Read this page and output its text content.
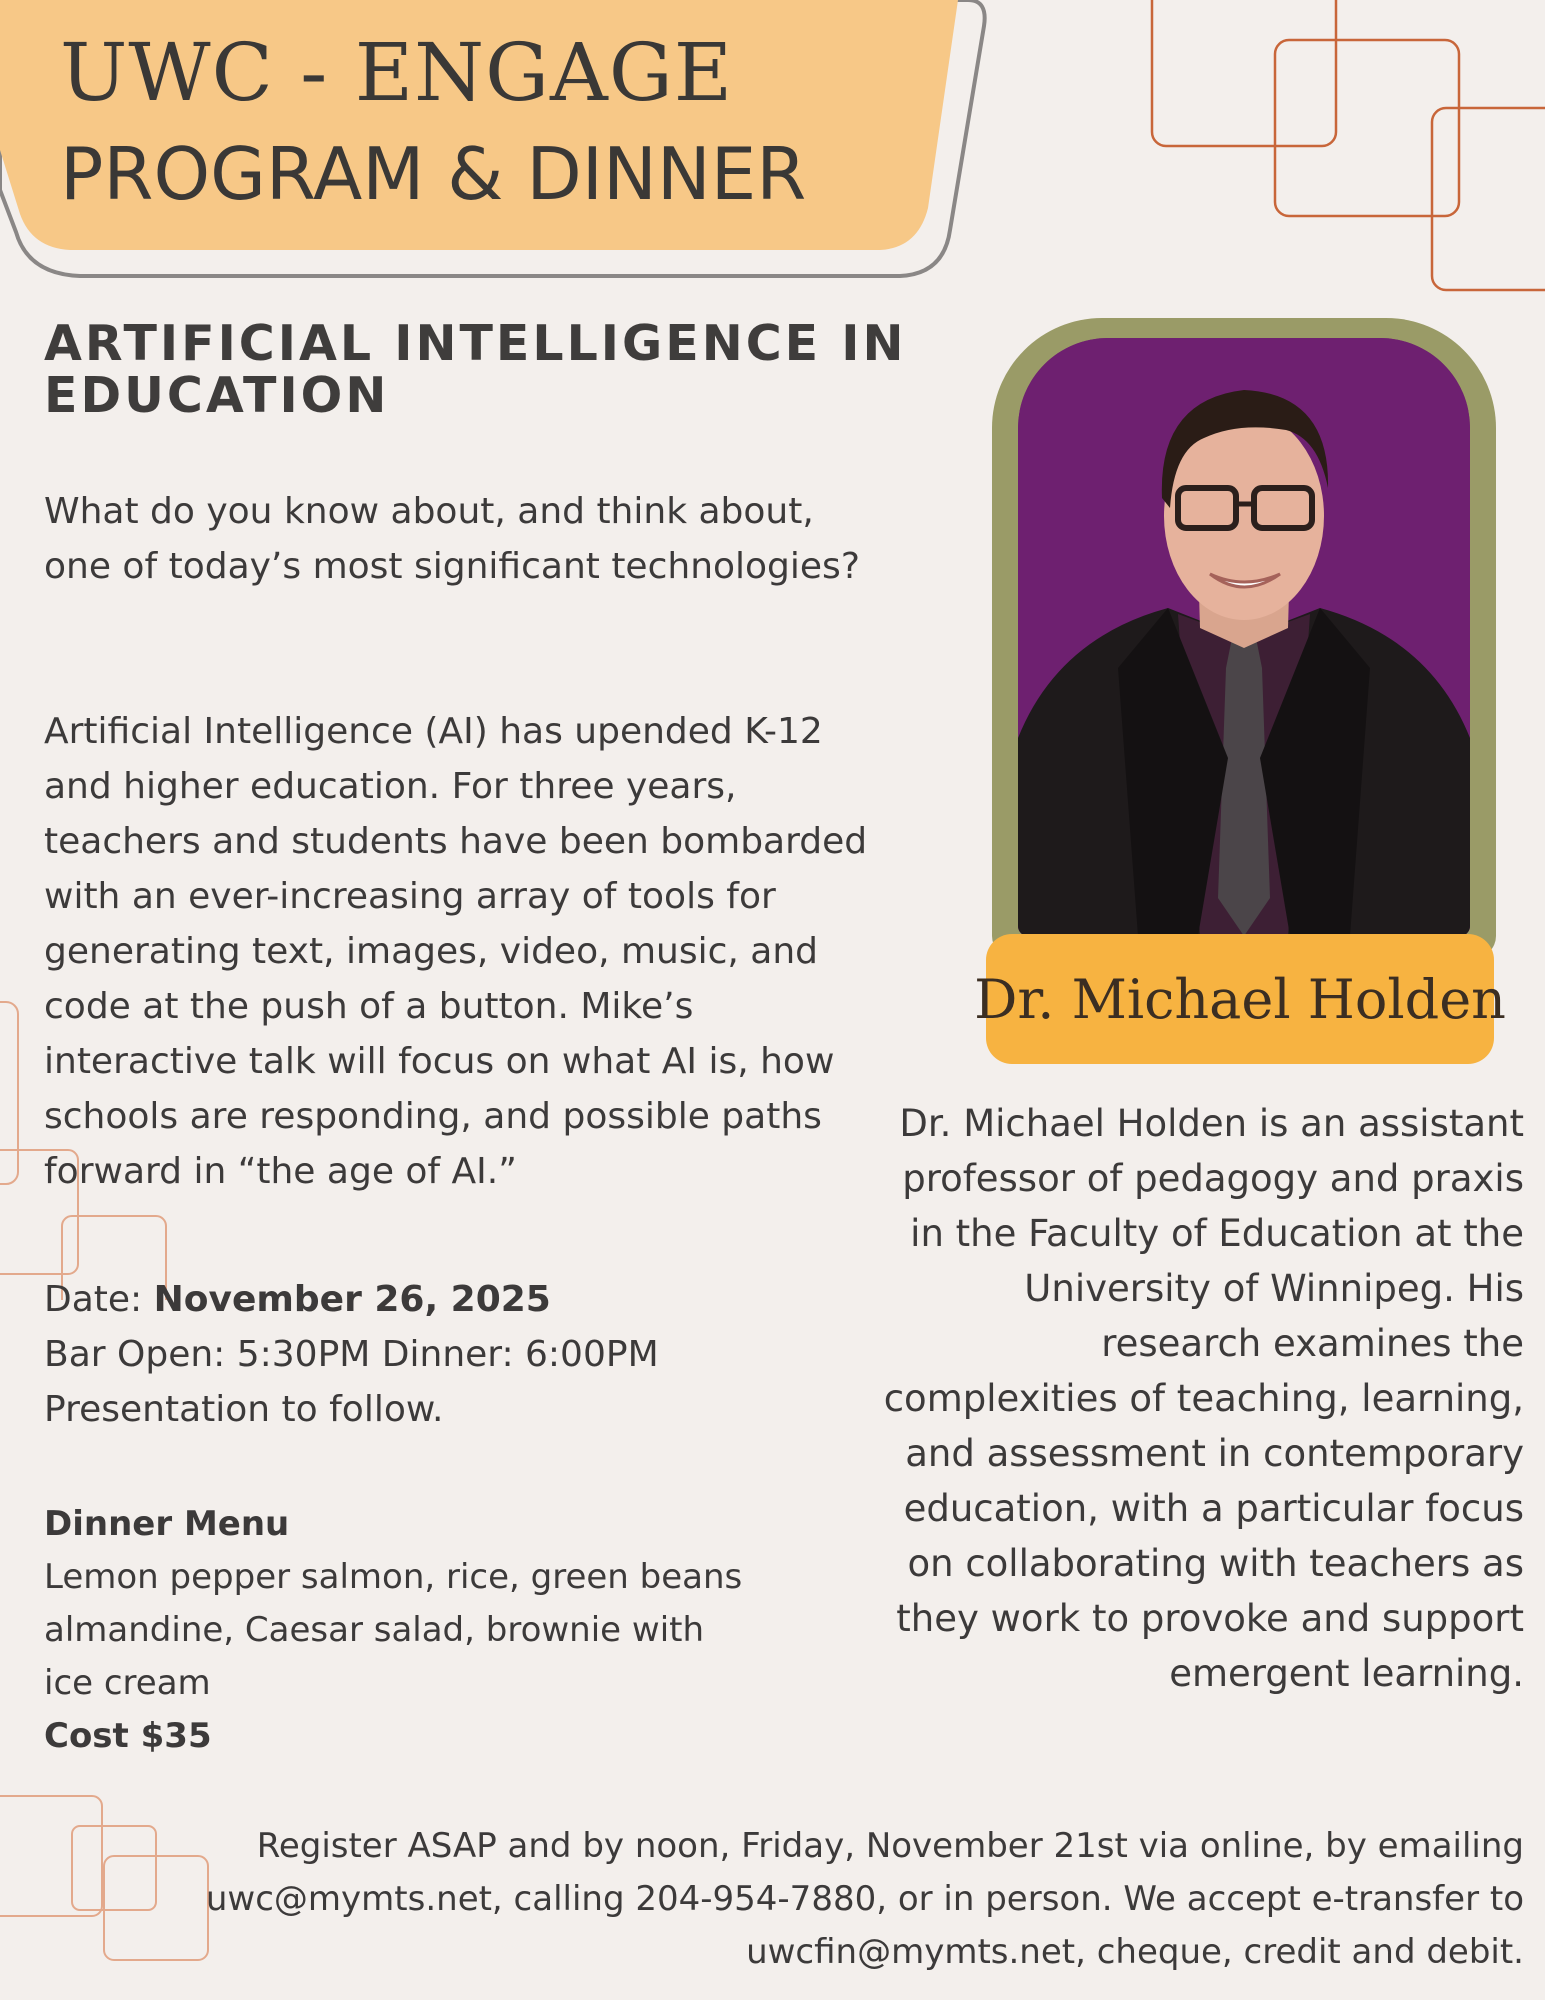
UWC - ENGAGE
PROGRAM & DINNER
ARTIFICIAL INTELLIGENCE IN EDUCATION

What do you know about, and think about, one of today’s most significant technologies?

Artificial Intelligence (AI) has upended K-12 and higher education. For three years, teachers and students have been bombarded with an ever-increasing array of tools for generating text, images, video, music, and code at the push of a button. Mike’s interactive talk will focus on what AI is, how schools are responding, and possible paths forward in “the age of AI.”

Date: November 26, 2025
Bar Open: 5:30PM Dinner: 6:00PM
Presentation to follow.
Dinner Menu

Lemon pepper salmon, rice, green beans almandine, Caesar salad, brownie with ice cream

Cost $35
Dr. Michael Holden

Dr. Michael Holden is an assistant professor of pedagogy and praxis in the Faculty of Education at the University of Winnipeg. His research examines the complexities of teaching, learning, and assessment in contemporary education, with a particular focus on collaborating with teachers as they work to provoke and support emergent learning.

Register ASAP and by noon, Friday, November 21st via online, by emailing uwc@mymts.net, calling 204-954-7880, or in person. We accept e-transfer to uwcfin@mymts.net, cheque, credit and debit.
